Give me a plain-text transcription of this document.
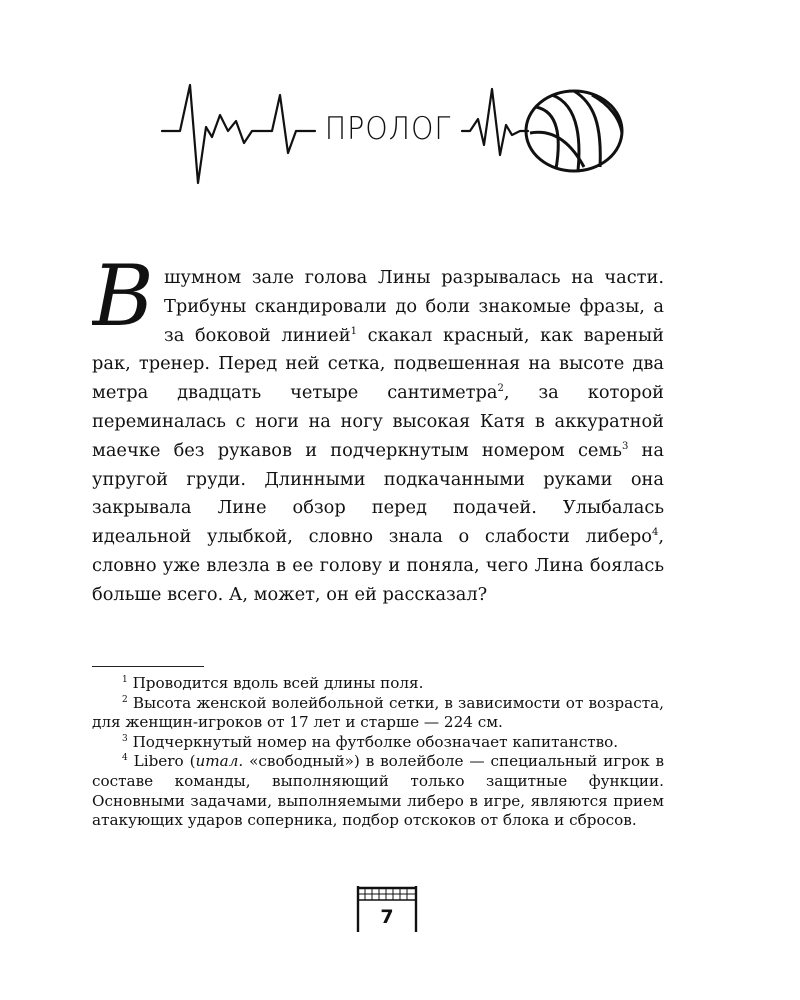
ПРОЛОГ

В шумном зале голова Лины разрывалась на части. Трибуны скандировали до боли знакомые фразы, а за боковой линией$^1$ скакал красный, как вареный рак, тренер. Перед ней сетка, подвешенная на высоте два метра двадцать четыре сантиметра$^2$, за которой переминалась с ноги на ногу высокая Катя в аккуратной маечке без рукавов и подчеркнутым номером семь$^3$ на упругой груди. Длинными подкачанными руками она закрывала Лине обзор перед подачей. Улыбалась идеальной улыбкой, словно знала о слабости либеро$^4$, словно уже влезла в ее голову и поняла, чего Лина боялась больше всего. А, может, он ей рассказал?

$^1$ Проводится вдоль всей длины поля.

$^2$ Высота женской волейбольной сетки, в зависимости от возраста, для женщин-игроков от 17 лет и старше — 224 см.

$^3$ Подчеркнутый номер на футболке обозначает капитанство.

$^4$ Libero (итал. «свободный») в волейболе — специальный игрок в составе команды, выполняющий только защитные функции. Основными задачами, выполняемыми либеро в игре, являются прием атакующих ударов соперника, подбор отскоков от блока и сбросов.

7
